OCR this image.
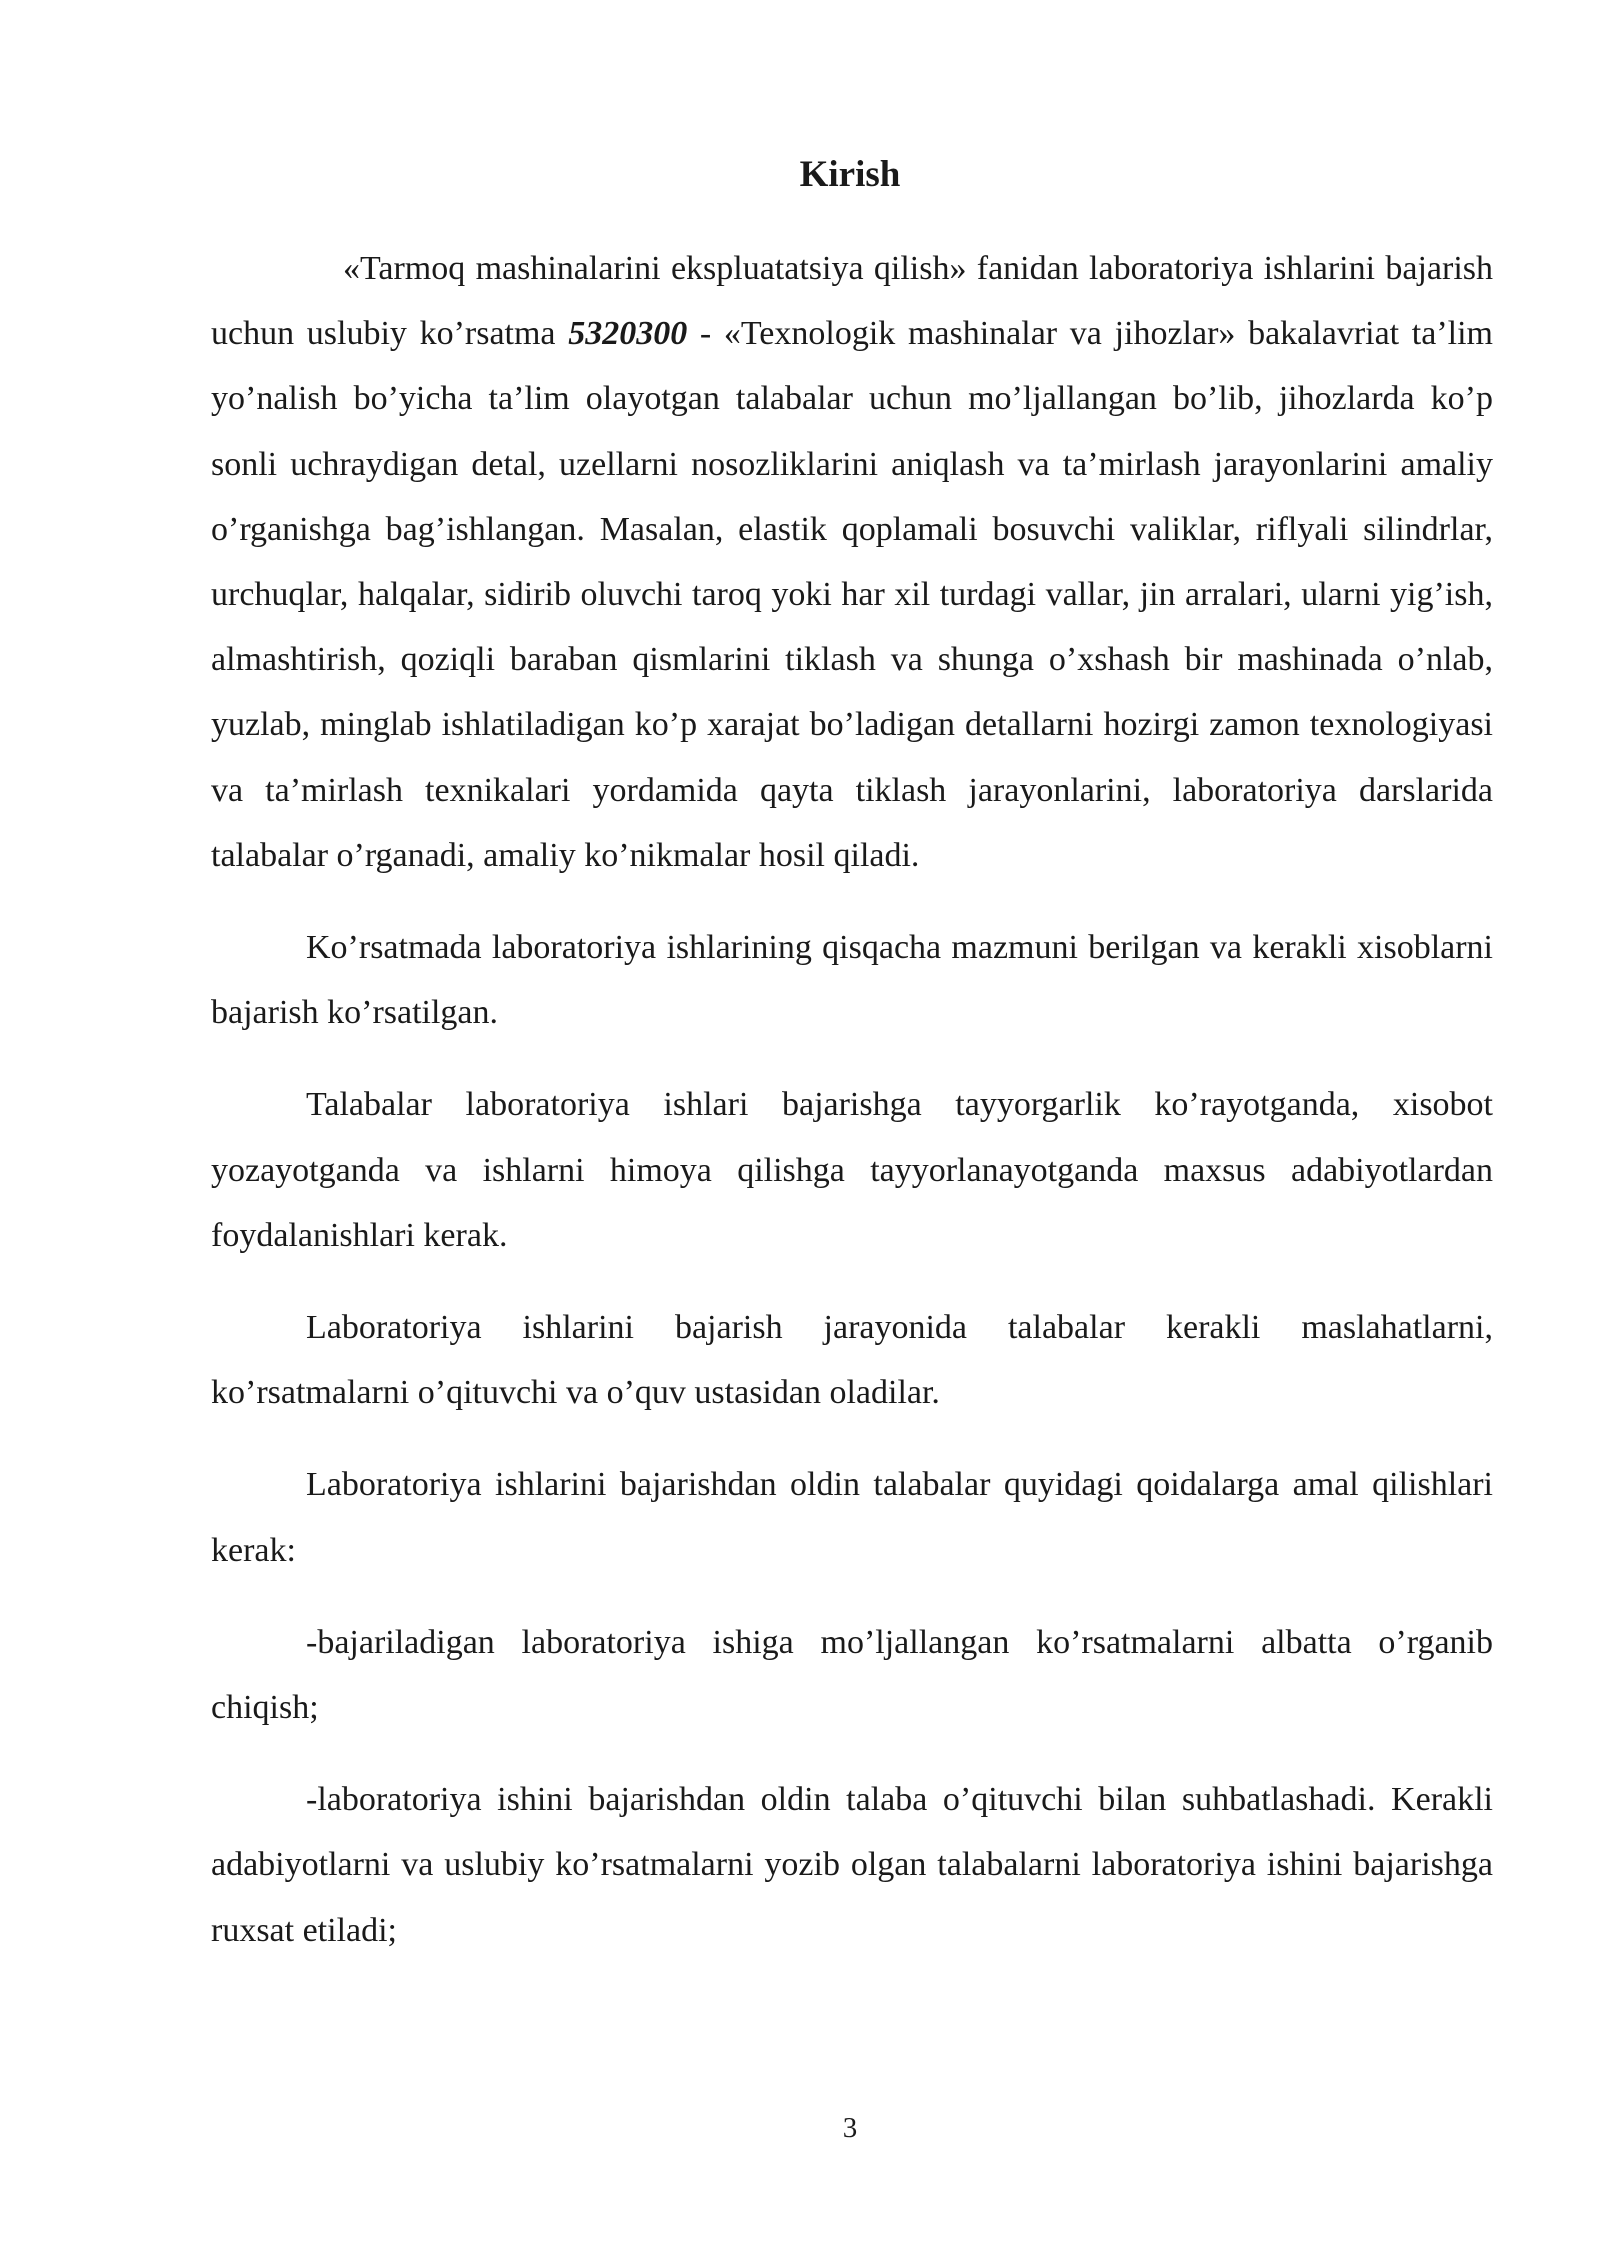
Kirish

«Tarmoq mashinalarini ekspluatatsiya qilish» fanidan laboratoriya ishlarini bajarish uchun uslubiy ko’rsatma 5320300 - «Texnologik mashinalar va jihozlar» bakalavriat ta’lim yo’nalish bo’yicha ta’lim olayotgan talabalar uchun mo’ljallangan bo’lib, jihozlarda ko’p sonli uchraydigan detal, uzellarni nosozliklarini aniqlash va ta’mirlash jarayonlarini amaliy o’rganishga bag’ishlangan. Masalan, elastik qoplamali bosuvchi valiklar, riflyali silindrlar, urchuqlar, halqalar, sidirib oluvchi taroq yoki har xil turdagi vallar, jin arralari, ularni yig’ish, almashtirish, qoziqli baraban qismlarini tiklash va shunga o’xshash bir mashinada o’nlab, yuzlab, minglab ishlatiladigan ko’p xarajat bo’ladigan detallarni hozirgi zamon texnologiyasi va ta’mirlash texnikalari yordamida qayta tiklash jarayonlarini, laboratoriya darslarida talabalar o’rganadi, amaliy ko’nikmalar hosil qiladi.

Ko’rsatmada laboratoriya ishlarining qisqacha mazmuni berilgan va kerakli xisoblarni bajarish ko’rsatilgan.

Talabalar laboratoriya ishlari bajarishga tayyorgarlik ko’rayotganda, xisobot yozayotganda va ishlarni himoya qilishga tayyorlanayotganda maxsus adabiyotlardan foydalanishlari kerak.

Laboratoriya ishlarini bajarish jarayonida talabalar kerakli maslahatlarni, ko’rsatmalarni o’qituvchi va o’quv ustasidan oladilar.

Laboratoriya ishlarini bajarishdan oldin talabalar quyidagi qoidalarga amal qilishlari kerak:

-bajariladigan laboratoriya ishiga mo’ljallangan ko’rsatmalarni albatta o’rganib chiqish;

-laboratoriya ishini bajarishdan oldin talaba o’qituvchi bilan suhbatlashadi. Kerakli adabiyotlarni va uslubiy ko’rsatmalarni yozib olgan talabalarni laboratoriya ishini bajarishga ruxsat etiladi;

3
